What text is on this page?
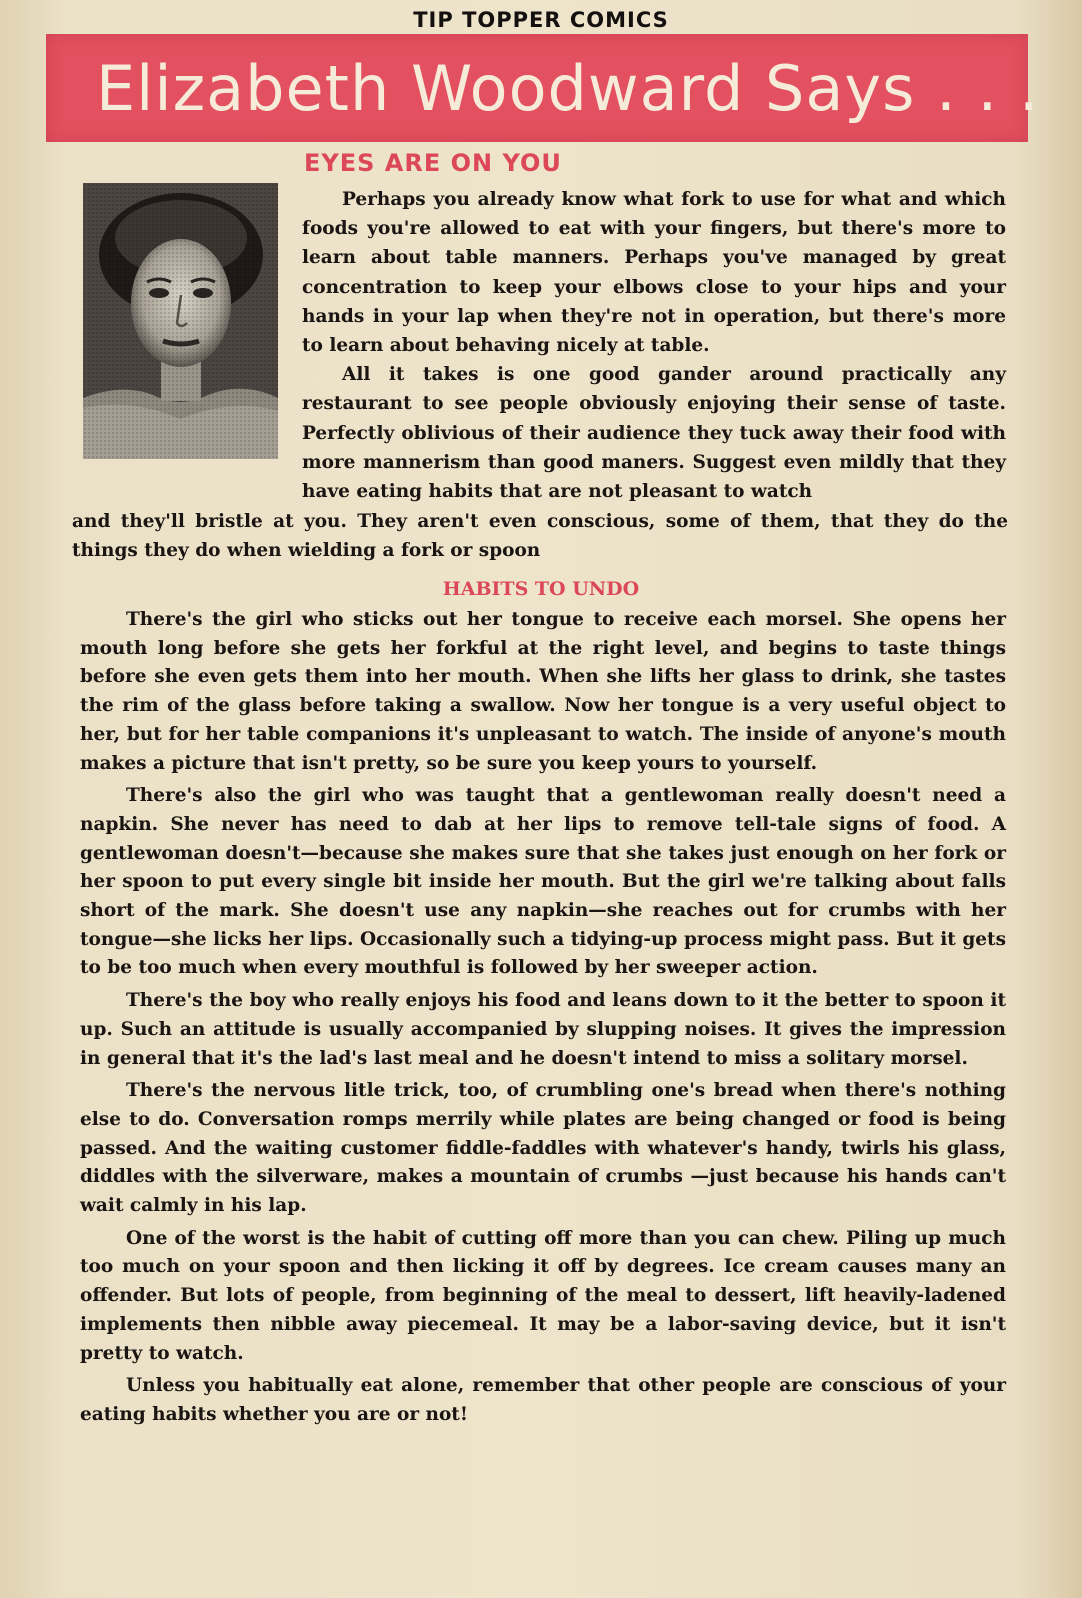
TIP TOPPER COMICS
Elizabeth Woodward Says . . .
EYES ARE ON YOU

Perhaps you already know what fork to use for what and which foods you're allowed to eat with your fingers, but there's more to learn about table manners. Perhaps you've managed by great concentration to keep your elbows close to your hips and your hands in your lap when they're not in operation, but there's more to learn about behaving nicely at table.

All it takes is one good gander around practically any restaurant to see people obviously enjoying their sense of taste. Perfectly oblivious of their audience they tuck away their food with more mannerism than good maners. Suggest even mildly that they have eating habits that are not pleasant to watch

and they'll bristle at you. They aren't even conscious, some of them, that they do the things they do when wielding a fork or spoon
HABITS TO UNDO

There's the girl who sticks out her tongue to receive each morsel. She opens her mouth long before she gets her forkful at the right level, and begins to taste things before she even gets them into her mouth. When she lifts her glass to drink, she tastes the rim of the glass before taking a swallow. Now her tongue is a very useful object to her, but for her table companions it's unpleasant to watch. The inside of anyone's mouth makes a picture that isn't pretty, so be sure you keep yours to yourself.

There's also the girl who was taught that a gentlewoman really doesn't need a napkin. She never has need to dab at her lips to remove tell-tale signs of food. A gentlewoman doesn't—because she makes sure that she takes just enough on her fork or her spoon to put every single bit inside her mouth. But the girl we're talking about falls short of the mark. She doesn't use any napkin—she reaches out for crumbs with her tongue—she licks her lips. Occasionally such a tidying-up process might pass. But it gets to be too much when every mouthful is followed by her sweeper action.

There's the boy who really enjoys his food and leans down to it the better to spoon it up. Such an attitude is usually accompanied by slupping noises. It gives the impression in general that it's the lad's last meal and he doesn't intend to miss a solitary morsel.

There's the nervous litle trick, too, of crumbling one's bread when there's nothing else to do. Conversation romps merrily while plates are being changed or food is being passed. And the waiting customer fiddle-faddles with whatever's handy, twirls his glass, diddles with the silverware, makes a mountain of crumbs —just because his hands can't wait calmly in his lap.

One of the worst is the habit of cutting off more than you can chew. Piling up much too much on your spoon and then licking it off by degrees. Ice cream causes many an offender. But lots of people, from beginning of the meal to dessert, lift heavily-ladened implements then nibble away piecemeal. It may be a labor-saving device, but it isn't pretty to watch.

Unless you habitually eat alone, remember that other people are conscious of your eating habits whether you are or not!
